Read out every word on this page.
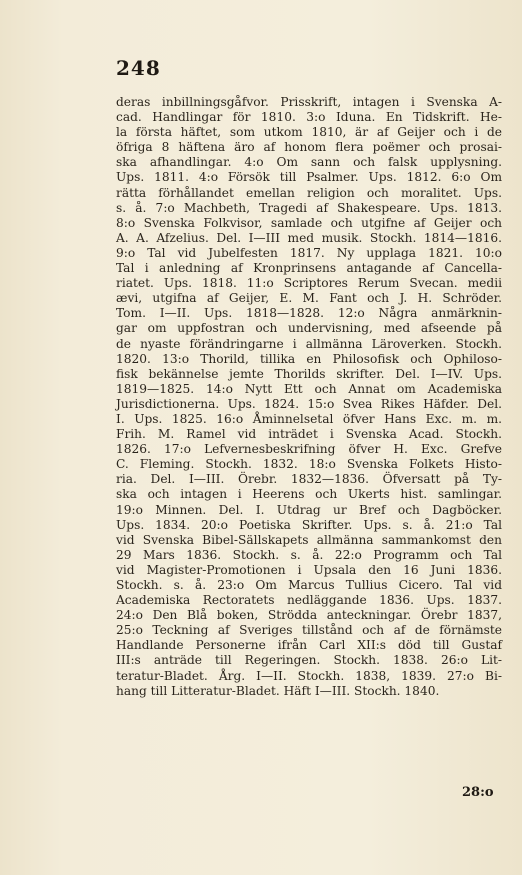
248
deras inbillningsgåfvor. Prisskrift, intagen i Svenska A-
cad. Handlingar för 1810. 3:o Iduna. En Tidskrift. He-
la första häftet, som utkom 1810, är af Geijer och i de
öfriga 8 häftena äro af honom flera poëmer och prosai-
ska afhandlingar. 4:o Om sann och falsk upplysning.
Ups. 1811. 4:o Försök till Psalmer. Ups. 1812. 6:o Om
rätta förhållandet emellan religion och moralitet. Ups.
s. å. 7:o Machbeth, Tragedi af Shakespeare. Ups. 1813.
8:o Svenska Folkvisor, samlade och utgifne af Geijer och
A. A. Afzelius. Del. I—III med musik. Stockh. 1814—1816.
9:o Tal vid Jubelfesten 1817. Ny upplaga 1821. 10:o
Tal i anledning af Kronprinsens antagande af Cancella-
riatet. Ups. 1818. 11:o Scriptores Rerum Svecan. medii
ævi, utgifna af Geijer, E. M. Fant och J. H. Schröder.
Tom. I—II. Ups. 1818—1828. 12:o Några anmärknin-
gar om uppfostran och undervisning, med afseende på
de nyaste förändringarne i allmänna Läroverken. Stockh.
1820. 13:o Thorild, tillika en Philosofisk och Ophiloso-
fisk bekännelse jemte Thorilds skrifter. Del. I—IV. Ups.
1819—1825. 14:o Nytt Ett och Annat om Academiska
Jurisdictionerna. Ups. 1824. 15:o Svea Rikes Häfder. Del.
I. Ups. 1825. 16:o Åminnelsetal öfver Hans Exc. m. m.
Frih. M. Ramel vid inträdet i Svenska Acad. Stockh.
1826. 17:o Lefvernesbeskrifning öfver H. Exc. Grefve
C. Fleming. Stockh. 1832. 18:o Svenska Folkets Histo-
ria. Del. I—III. Örebr. 1832—1836. Öfversatt på Ty-
ska och intagen i Heerens och Ukerts hist. samlingar.
19:o Minnen. Del. I. Utdrag ur Bref och Dagböcker.
Ups. 1834. 20:o Poetiska Skrifter. Ups. s. å. 21:o Tal
vid Svenska Bibel-Sällskapets allmänna sammankomst den
29 Mars 1836. Stockh. s. å. 22:o Programm och Tal
vid Magister-Promotionen i Upsala den 16 Juni 1836.
Stockh. s. å. 23:o Om Marcus Tullius Cicero. Tal vid
Academiska Rectoratets nedläggande 1836. Ups. 1837.
24:o Den Blå boken, Strödda anteckningar. Örebr 1837,
25:o Teckning af Sveriges tillstånd och af de förnämste
Handlande Personerne ifrån Carl XII:s död till Gustaf
III:s anträde till Regeringen. Stockh. 1838. 26:o Lit-
teratur-Bladet. Årg. I—II. Stockh. 1838, 1839. 27:o Bi-
hang till Litteratur-Bladet. Häft I—III. Stockh. 1840.
28:o
